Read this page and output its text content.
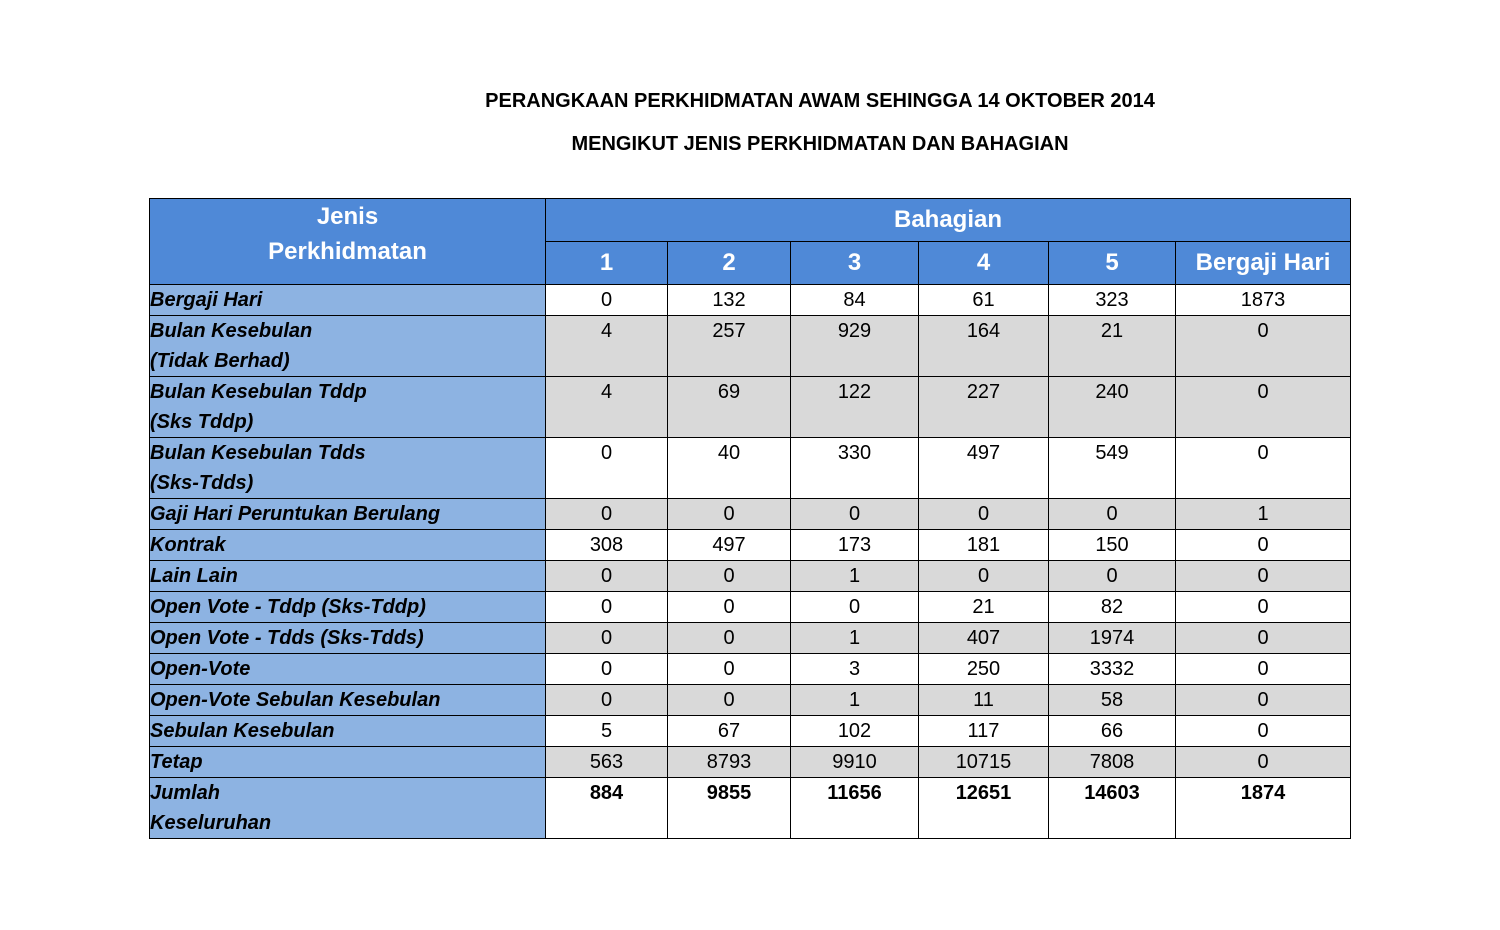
PERANGKAAN PERKHIDMATAN AWAM SEHINGGA 14 OKTOBER 2014
MENGIKUT JENIS PERKHIDMATAN DAN BAHAGIAN
Jenis
Perkhidmatan	Bahagian					
	1	2	3	4	5	Bergaji Hari

Bergaji Hari	0	132	84	61	323	1873

Bulan Kesebulan
(Tidak Berhad)	4	257	929	164	21	0

Bulan Kesebulan Tddp
(Sks Tddp)	4	69	122	227	240	0

Bulan Kesebulan Tdds
(Sks-Tdds)	0	40	330	497	549	0

Gaji Hari Peruntukan Berulang	0	0	0	0	0	1

Kontrak	308	497	173	181	150	0

Lain Lain	0	0	1	0	0	0

Open Vote - Tddp (Sks-Tddp)	0	0	0	21	82	0

Open Vote - Tdds (Sks-Tdds)	0	0	1	407	1974	0

Open-Vote	0	0	3	250	3332	0

Open-Vote Sebulan Kesebulan	0	0	1	11	58	0

Sebulan Kesebulan	5	67	102	117	66	0

Tetap	563	8793	9910	10715	7808	0

Jumlah
Keseluruhan	884	9855	11656	12651	14603	1874
